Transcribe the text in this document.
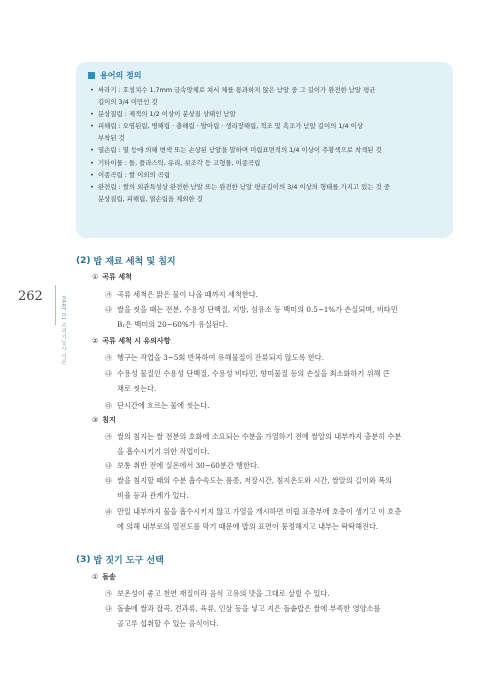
262	PART 01 조리기능사 이론
용어의 정의
• 싸라기 : 호칭치수 1.7mm 금속망체로 쳐서 체를 통과하지 않은 낟알 중 그 길이가 완전한 낟알 평균
길이의 3/4 미만인 것
• 분상질립 : 제적의 1/2 이상이 분상질 상태인 낟알
• 피해립 : 오염된립, 병해립 · 충해립 · 발아립 · 생리장해립, 적조 및 흑조가 낟알 길이의 1/4 이상
부착된 것
• 열손립 : 열 등에 의해 변색 또는 손상된 낟알을 말하며 미립표면적의 1/4 이상이 주황색으로 착색된 것
• 기타이물 : 돌, 플라스틱, 유리, 쇳조각 등 고형물, 이종곡립
• 이종곡립 : 쌀 이외의 곡립
• 완전립 : 쌀의 외관특성상 완전한 낟알 또는 완전한 낟알 평균길이의 3/4 이상의 형태를 가지고 있는 것 중
분상질립, 피해립, 열손립을 제외한 것
(2) 밥 재료 세척 및 침지
① 곡류 세척
㉮ 곡류 세척은 맑은 물이 나올 때까지 세척한다.
㉯ 쌀을 씻을 때는 전분, 수용성 단백질, 지방, 섬유소 등 백미의 0.5~1%가 손실되며, 비타민
B₁은 백미의 20~60%가 유실된다.
② 곡류 세척 시 유의사항
㉮ 헹구는 작업을 3~5회 반복하여 유해물질이 잔류되지 않도록 한다.
㉯ 수용성 물질인 수용성 단백질, 수용성 비타민, 향미물질 등의 손실을 최소화하기 위해 큰
채로 씻는다.
㉰ 단시간에 흐르는 물에 씻는다.
③ 침지
㉮ 쌀의 침지는 쌀 전분의 호화에 소요되는 수분을 가열하기 전에 쌀알의 내부까지 충분히 수분
을 흡수시키기 위한 작업이다.
㉯ 보통 취반 전에 실온에서 30~60분간 행한다.
㉰ 쌀을 침지할 때의 수분 흡수속도는 품종, 저장시간, 침지온도와 시간, 쌀알의 길이와 폭의
비율 등과 관계가 있다.
㉱ 만일 내부까지 물을 흡수시키지 않고 가열을 개시하면 미립 표층부에 호층이 생기고 이 호층
에 의해 내부로의 열전도를 막기 때문에 밥의 표면이 뭉정해지고 내부는 딱딱해진다.
(3) 밥 짓기 도구 선택
① 돌솥
㉮ 보온성이 좋고 천연 재질이라 음식 고유의 맛을 그대로 살릴 수 있다.
㉯ 돌솥에 쌀과 잡곡, 견과류, 육류, 인삼 등을 넣고 지은 돌솥밥은 쌀에 부족한 영양소를
골고루 섭취할 수 있는 음식이다.
